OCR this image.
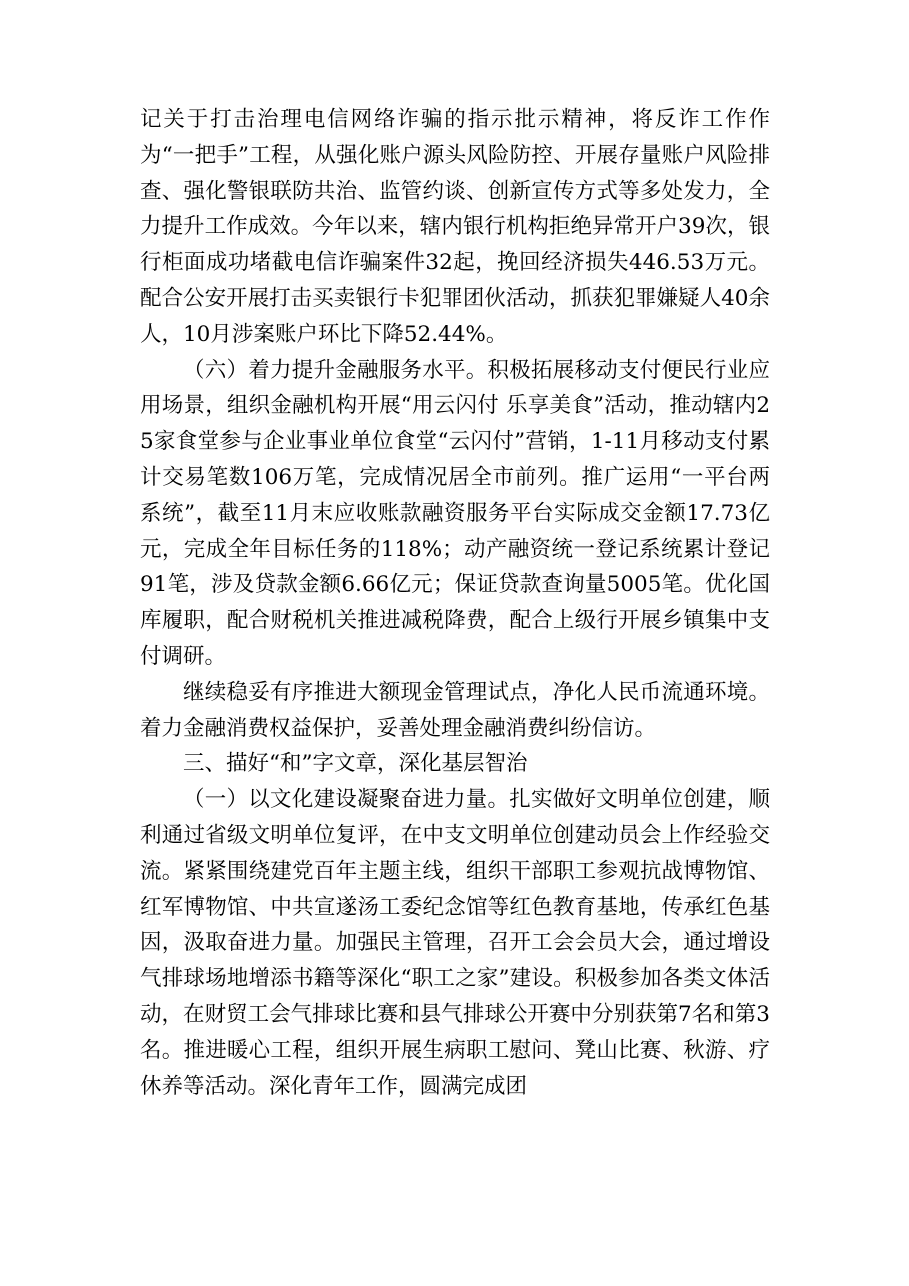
记关于打击治理电信网络诈骗的指示批示精神，将反诈工作作为“一把手”工程，从强化账户源头风险防控、开展存量账户风险排查、强化警银联防共治、监管约谈、创新宣传方式等多处发力，全力提升工作成效。今年以来，辖内银行机构拒绝异常开户39次，银行柜面成功堵截电信诈骗案件32起，挽回经济损失446.53万元。配合公安开展打击买卖银行卡犯罪团伙活动，抓获犯罪嫌疑人40余人，10月涉案账户环比下降52.44%。

（六）着力提升金融服务水平。积极拓展移动支付便民行业应用场景，组织金融机构开展“用云闪付 乐享美食”活动，推动辖内25家食堂参与企业事业单位食堂“云闪付”营销，1-11月移动支付累计交易笔数106万笔，完成情况居全市前列。推广运用“一平台两系统”，截至11月末应收账款融资服务平台实际成交金额17.73亿元，完成全年目标任务的118%；动产融资统一登记系统累计登记91笔，涉及贷款金额6.66亿元；保证贷款查询量5005笔。优化国库履职，配合财税机关推进减税降费，配合上级行开展乡镇集中支付调研。

继续稳妥有序推进大额现金管理试点，净化人民币流通环境。着力金融消费权益保护，妥善处理金融消费纠纷信访。

三、描好“和”字文章，深化基层智治

（一）以文化建设凝聚奋进力量。扎实做好文明单位创建，顺利通过省级文明单位复评，在中支文明单位创建动员会上作经验交流。紧紧围绕建党百年主题主线，组织干部职工参观抗战博物馆、红军博物馆、中共宣遂汤工委纪念馆等红色教育基地，传承红色基因，汲取奋进力量。加强民主管理，召开工会会员大会，通过增设气排球场地增添书籍等深化“职工之家”建设。积极参加各类文体活动，在财贸工会气排球比赛和县气排球公开赛中分别获第7名和第3名。推进暖心工程，组织开展生病职工慰问、凳山比赛、秋游、疗休养等活动。深化青年工作，圆满完成团
